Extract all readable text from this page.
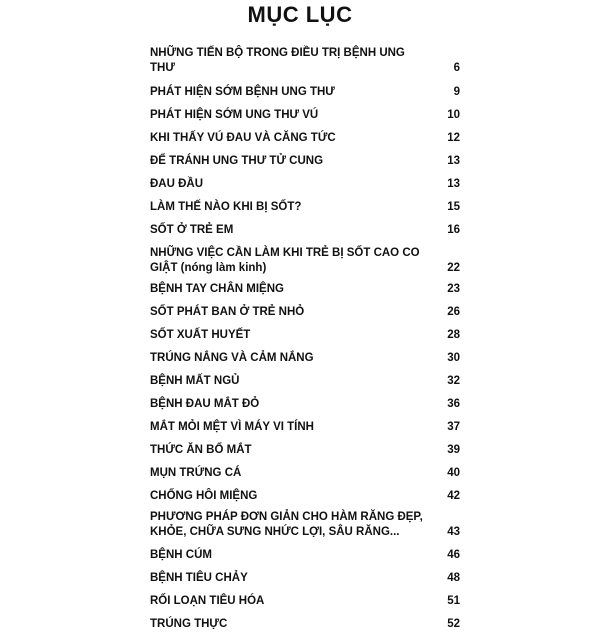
MỤC LỤC
NHỮNG TIẾN BỘ TRONG ĐIỀU TRỊ BỆNH UNG THƯ	6
PHÁT HIỆN SỚM BỆNH UNG THƯ	9
PHÁT HIỆN SỚM UNG THƯ VÚ	10
KHI THẤY VÚ ĐAU VÀ CĂNG TỨC	12
ĐỂ TRÁNH UNG THƯ TỬ CUNG	13
ĐAU ĐẦU	13
LÀM THẾ NÀO KHI BỊ SỐT?	15
SỐT Ở TRẺ EM	16
NHỮNG VIỆC CẦN LÀM KHI TRẺ BỊ SỐT CAO CO
GIẬT (nóng làm kinh)	22
BỆNH TAY CHÂN MIỆNG	23
SỐT PHÁT BAN Ở TRẺ NHỎ	26
SỐT XUẤT HUYẾT	28
TRÚNG NẮNG VÀ CẢM NẮNG	30
BỆNH MẤT NGỦ	32
BỆNH ĐAU MẮT ĐỎ	36
MẮT MỎI MỆT VÌ MÁY VI TÍNH	37
THỨC ĂN BỔ MẮT	39
MỤN TRỨNG CÁ	40
CHỐNG HÔI MIỆNG	42
PHƯƠNG PHÁP ĐƠN GIẢN CHO HÀM RĂNG ĐẸP,
KHỎE, CHỮA SƯNG NHỨC LỢI, SÂU RĂNG...	43
BỆNH CÚM	46
BỆNH TIÊU CHẢY	48
RỐI LOẠN TIÊU HÓA	51
TRÚNG THỰC	52
